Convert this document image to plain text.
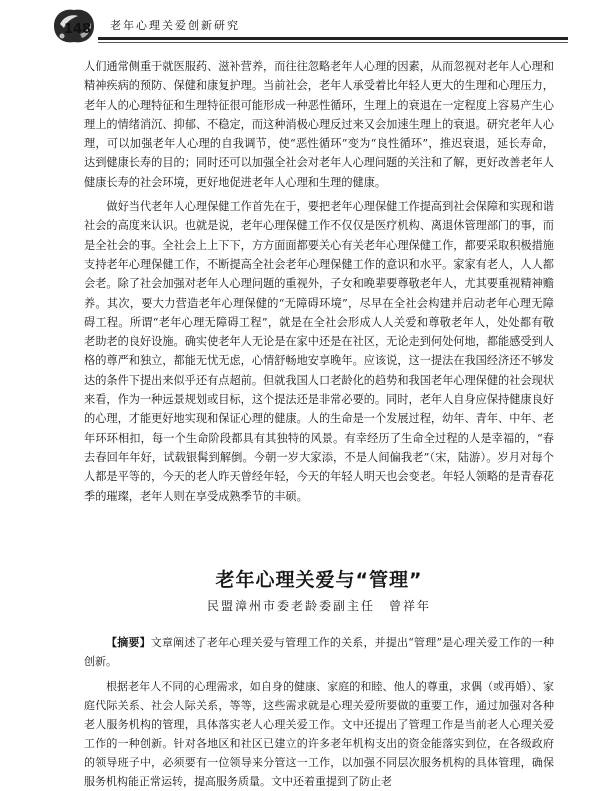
148 老年心理关爱创新研究

人们通常侧重于就医服药、滋补营养，而往往忽略老年人心理的因素，从而忽视对老年人心理和精神疾病的预防、保健和康复护理。当前社会，老年人承受着比年轻人更大的生理和心理压力，老年人的心理特征和生理特征很可能形成一种恶性循环，生理上的衰退在一定程度上容易产生心理上的情绪消沉、抑郁、不稳定，而这种消极心理反过来又会加速生理上的衰退。研究老年人心理，可以加强老年人心理的自我调节，使“恶性循环”变为“良性循环”，推迟衰退，延长寿命，达到健康长寿的目的；同时还可以加强全社会对老年人心理问题的关注和了解，更好改善老年人健康长寿的社会环境，更好地促进老年人心理和生理的健康。

做好当代老年人心理保健工作首先在于，要把老年心理保健工作提高到社会保障和实现和谐社会的高度来认识。也就是说，老年心理保健工作不仅仅是医疗机构、离退休管理部门的事，而是全社会的事。全社会上上下下，方方面面都要关心有关老年心理保健工作，都要采取积极措施支持老年心理保健工作，不断提高全社会老年心理保健工作的意识和水平。家家有老人，人人都会老。除了社会加强对老年人心理问题的重视外，子女和晚辈要尊敬老年人，尤其要重视精神赡养。其次，要大力营造老年心理保健的“无障碍环境”，尽早在全社会构建并启动老年心理无障碍工程。所谓“老年心理无障碍工程”，就是在全社会形成人人关爱和尊敬老年人，处处都有敬老助老的良好设施。确实使老年人无论是在家中还是在社区，无论走到何处何地，都能感受到人格的尊严和独立，都能无忧无虑，心情舒畅地安享晚年。应该说，这一提法在我国经济还不够发达的条件下提出来似乎还有点超前。但就我国人口老龄化的趋势和我国老年心理保健的社会现状来看，作为一种远景规划或目标，这个提法还是非常必要的。同时，老年人自身应保持健康良好的心理，才能更好地实现和保证心理的健康。人的生命是一个发展过程，幼年、青年、中年、老年环环相扣，每一个生命阶段都具有其独特的风景。有幸经历了生命全过程的人是幸福的，“春去春回年年好，试载银髯到解倒。今朝一岁大家添，不是人间偏我老”（宋，陆游）。岁月对每个人都是平等的，今天的老人昨天曾经年轻，今天的年轻人明天也会变老。年轻人领略的是青春花季的璀璨，老年人则在享受成熟季节的丰硕。

老年心理关爱与“管理”
民盟漳州市委老龄委副主任　曾祥年

【摘要】文章阐述了老年心理关爱与管理工作的关系，并提出“管理”是心理关爱工作的一种创新。

根据老年人不同的心理需求，如自身的健康、家庭的和睦、他人的尊重，求偶（或再婚）、家庭代际关系、社会人际关系，等等，这些需求就是心理关爱所要做的重要工作，通过加强对各种老人服务机构的管理，具体落实老人心理关爱工作。文中还提出了管理工作是当前老人心理关爱工作的一种创新。针对各地区和社区已建立的许多老年机构支出的资金能落实到位，在各级政府的领导班子中，必须要有一位领导来分管这一工作，以加强不同层次服务机构的具体管理，确保服务机构能正常运转，提高服务质量。文中还着重提到了防止老
